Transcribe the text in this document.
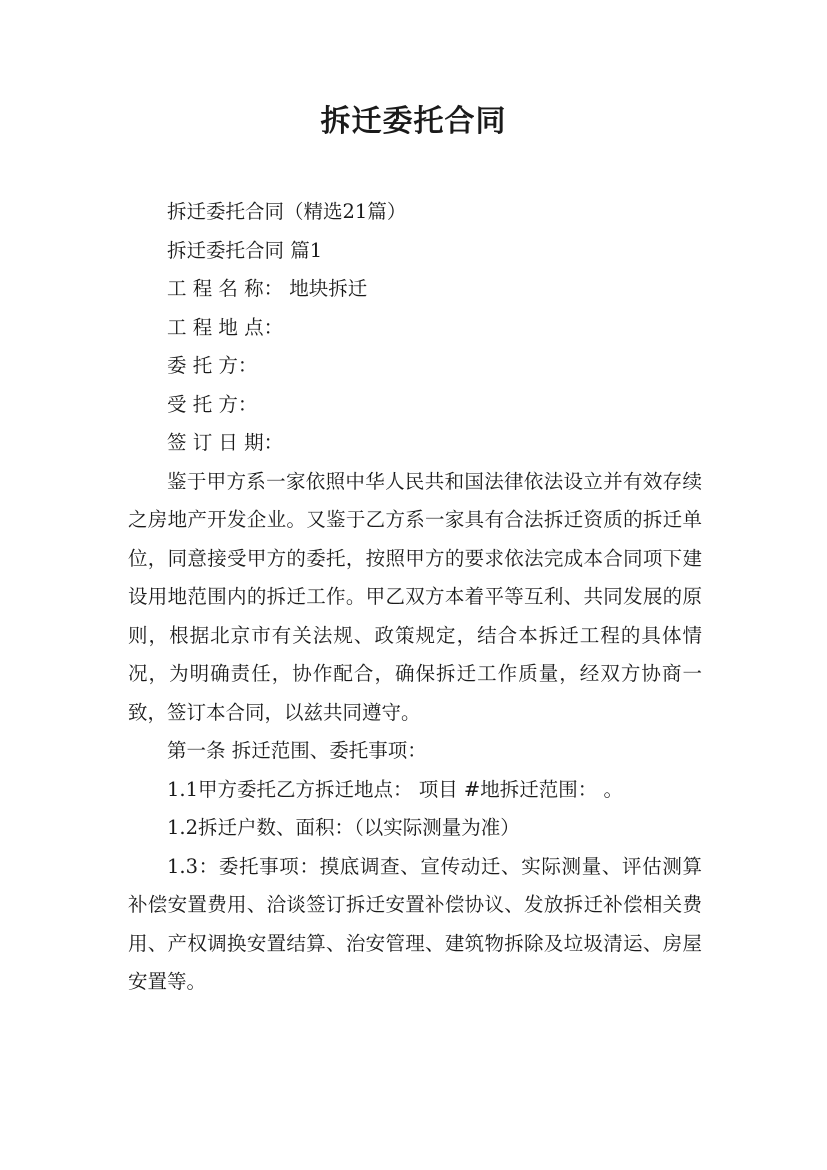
拆迁委托合同

拆迁委托合同（精选21篇）

拆迁委托合同 篇1

工 程 名 称： 地块拆迁

工 程 地 点：

委 托 方：

受 托 方：

签 订 日 期：

鉴于甲方系一家依照中华人民共和国法律依法设立并有效存续之房地产开发企业。又鉴于乙方系一家具有合法拆迁资质的拆迁单位，同意接受甲方的委托，按照甲方的要求依法完成本合同项下建设用地范围内的拆迁工作。甲乙双方本着平等互利、共同发展的原则，根据北京市有关法规、政策规定，结合本拆迁工程的具体情况，为明确责任，协作配合，确保拆迁工作质量，经双方协商一致，签订本合同，以兹共同遵守。

第一条 拆迁范围、委托事项：

1.1甲方委托乙方拆迁地点： 项目 #地拆迁范围： 。

1.2拆迁户数、面积：（以实际测量为准）

1.3：委托事项：摸底调查、宣传动迁、实际测量、评估测算补偿安置费用、洽谈签订拆迁安置补偿协议、发放拆迁补偿相关费用、产权调换安置结算、治安管理、建筑物拆除及垃圾清运、房屋安置等。
